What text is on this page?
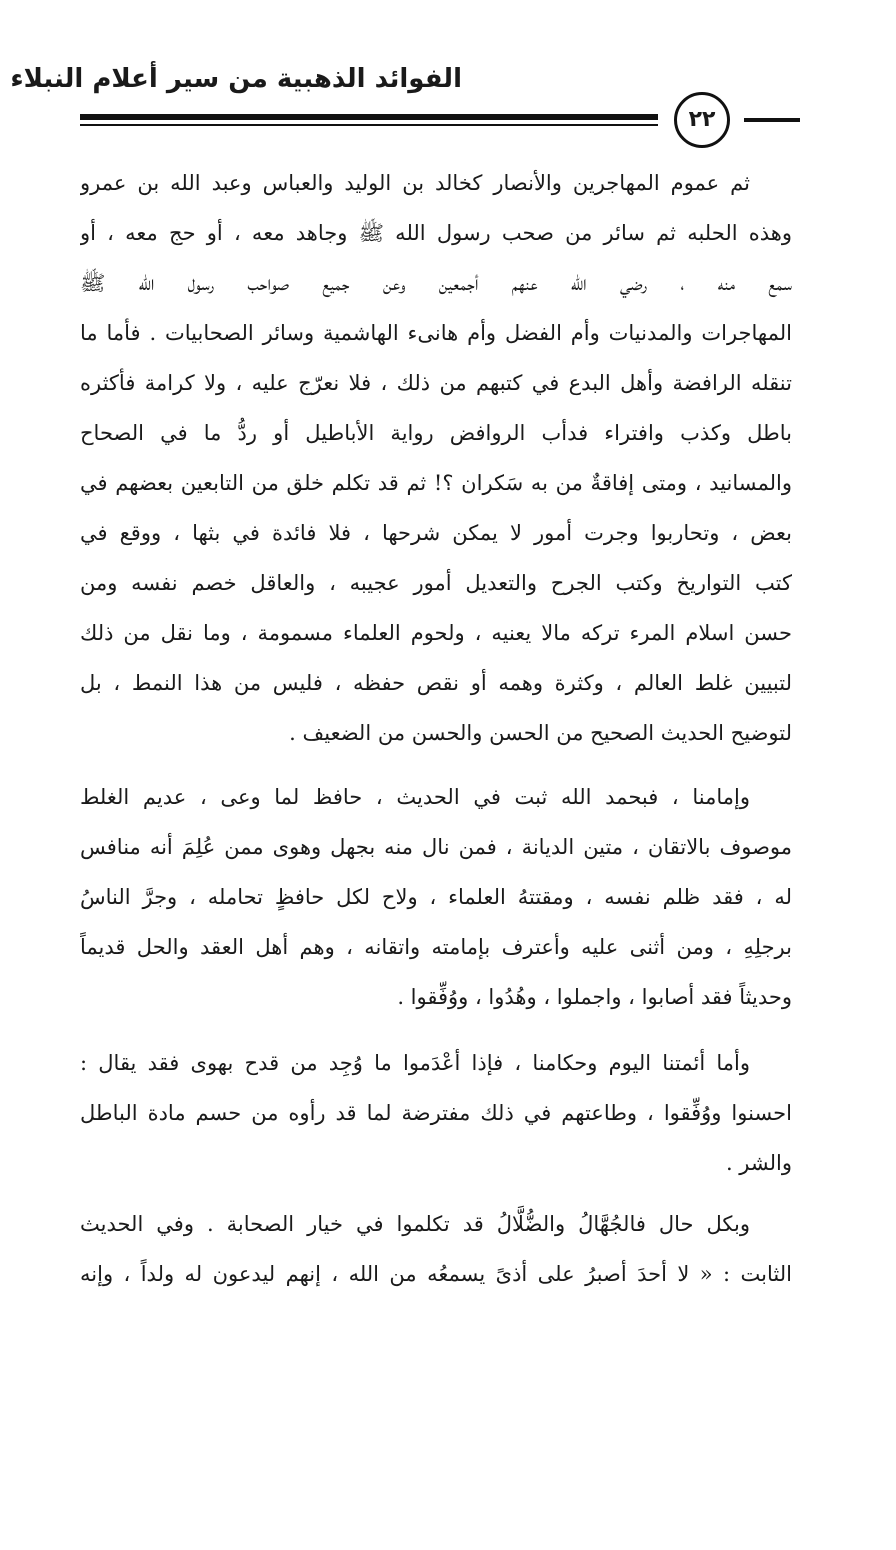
الفوائد الذهبية من سير أعلام النبلاء
٢٢
ثم عموم المهاجرين والأنصار كخالد بن الوليد والعباس وعبد الله بن عمرو
وهذه الحلبه ثم سائر من صحب رسول الله ﷺ وجاهد معه ، أو حج معه ، أو
سمع منه ، رضي الله عنهم أجمعين وعن جميع صواحب رسول الله ﷺ
المهاجرات والمدنيات وأم الفضل وأم هانىء الهاشمية وسائر الصحابيات . فأما ما
تنقله الرافضة وأهل البدع في كتبهم من ذلك ، فلا نعرّج عليه ، ولا كرامة فأكثره
باطل وكذب وافتراء فدأب الروافض رواية الأباطيل أو ردُّ ما في الصحاح
والمسانيد ، ومتى إفاقةٌ من به سَكران ؟! ثم قد تكلم خلق من التابعين بعضهم في
بعض ، وتحاربوا وجرت أمور لا يمكن شرحها ، فلا فائدة في بثها ، ووقع في
كتب التواريخ وكتب الجرح والتعديل أمور عجيبه ، والعاقل خصم نفسه ومن
حسن اسلام المرء تركه مالا يعنيه ، ولحوم العلماء مسمومة ، وما نقل من ذلك
لتبيين غلط العالم ، وكثرة وهمه أو نقص حفظه ، فليس من هذا النمط ، بل
لتوضيح الحديث الصحيح من الحسن والحسن من الضعيف .
وإمامنا ، فبحمد الله ثبت في الحديث ، حافظ لما وعى ، عديم الغلط
موصوف بالاتقان ، متين الديانة ، فمن نال منه بجهل وهوى ممن عُلِمَ أنه منافس
له ، فقد ظلم نفسه ، ومقتتهُ العلماء ، ولاح لكل حافظٍ تحامله ، وجرَّ الناسُ
برجلِهِ ، ومن أثنى عليه وأعترف بإمامته واتقانه ، وهم أهل العقد والحل قديماً
وحديثاً فقد أصابوا ، واجملوا ، وهُدُوا ، ووُفِّقوا .
وأما أئمتنا اليوم وحكامنا ، فإذا أعْدَموا ما وُجِد من قدح بهوى فقد يقال :
احسنوا ووُفِّقوا ، وطاعتهم في ذلك مفترضة لما قد رأوه من حسم مادة الباطل
والشر .
وبكل حال فالجُهَّالُ والضُّلَّالُ قد تكلموا في خيار الصحابة . وفي الحديث
الثابت : « لا أحدَ أصبرُ على أذىً يسمعُه من الله ، إنهم ليدعون له ولداً ، وإنه
